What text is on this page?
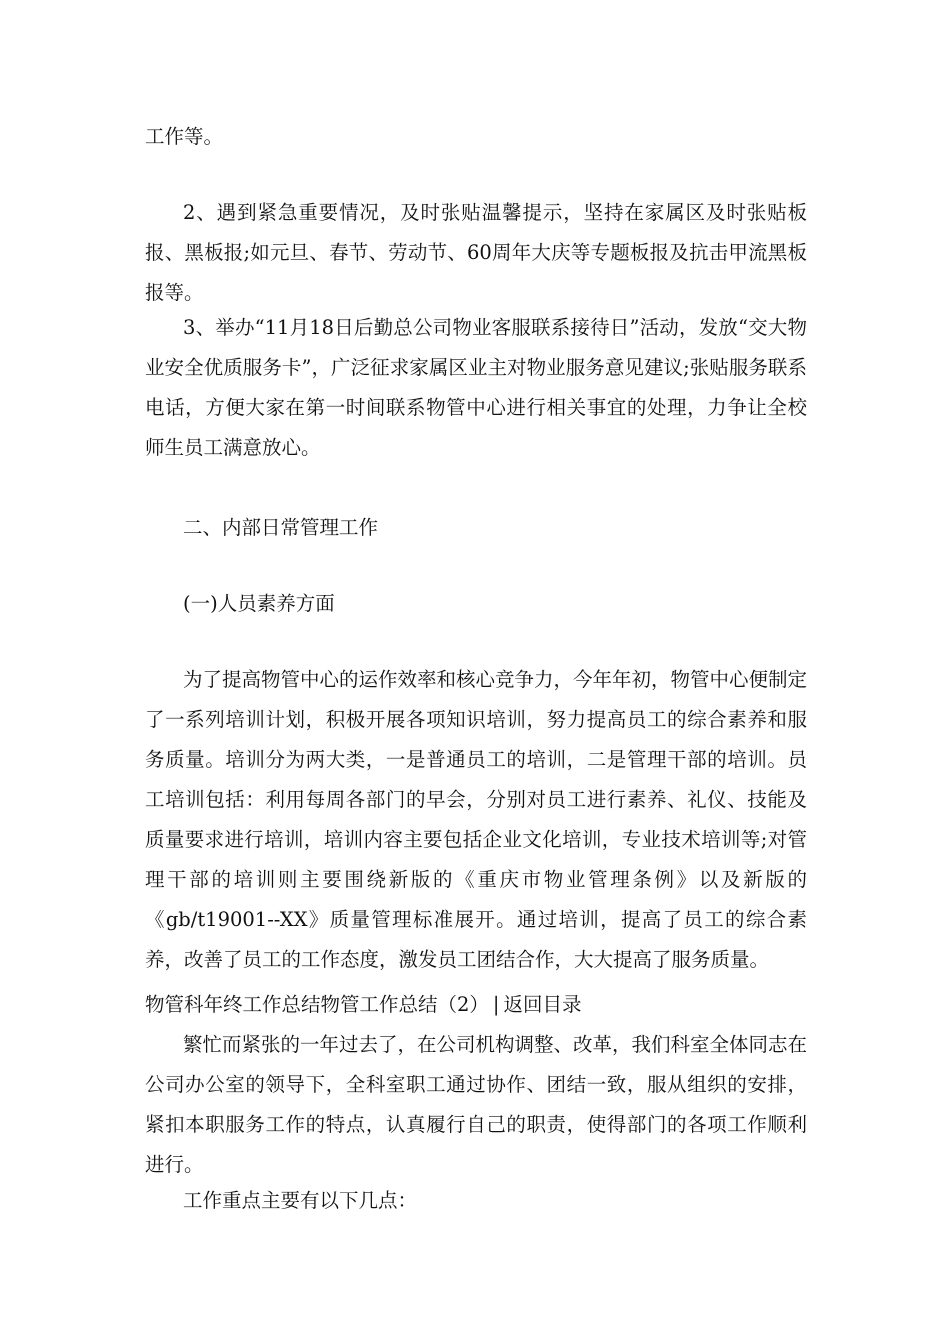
工作等。

2、遇到紧急重要情况，及时张贴温馨提示，坚持在家属区及时张贴板报、黑板报;如元旦、春节、劳动节、60周年大庆等专题板报及抗击甲流黑板报等。

3、举办“11月18日后勤总公司物业客服联系接待日”活动，发放“交大物业安全优质服务卡”，广泛征求家属区业主对物业服务意见建议;张贴服务联系电话，方便大家在第一时间联系物管中心进行相关事宜的处理，力争让全校师生员工满意放心。

二、内部日常管理工作

(一)人员素养方面

为了提高物管中心的运作效率和核心竞争力，今年年初，物管中心便制定了一系列培训计划，积极开展各项知识培训，努力提高员工的综合素养和服务质量。培训分为两大类，一是普通员工的培训，二是管理干部的培训。员工培训包括：利用每周各部门的早会，分别对员工进行素养、礼仪、技能及质量要求进行培训，培训内容主要包括企业文化培训，专业技术培训等;对管理干部的培训则主要围绕新版的《重庆市物业管理条例》以及新版的《gb/t19001--XX》质量管理标准展开。通过培训，提高了员工的综合素养，改善了员工的工作态度，激发员工团结合作，大大提高了服务质量。

物管科年终工作总结物管工作总结（2） | 返回目录

繁忙而紧张的一年过去了，在公司机构调整、改革，我们科室全体同志在公司办公室的领导下，全科室职工通过协作、团结一致，服从组织的安排，紧扣本职服务工作的特点，认真履行自己的职责，使得部门的各项工作顺利进行。

工作重点主要有以下几点：
